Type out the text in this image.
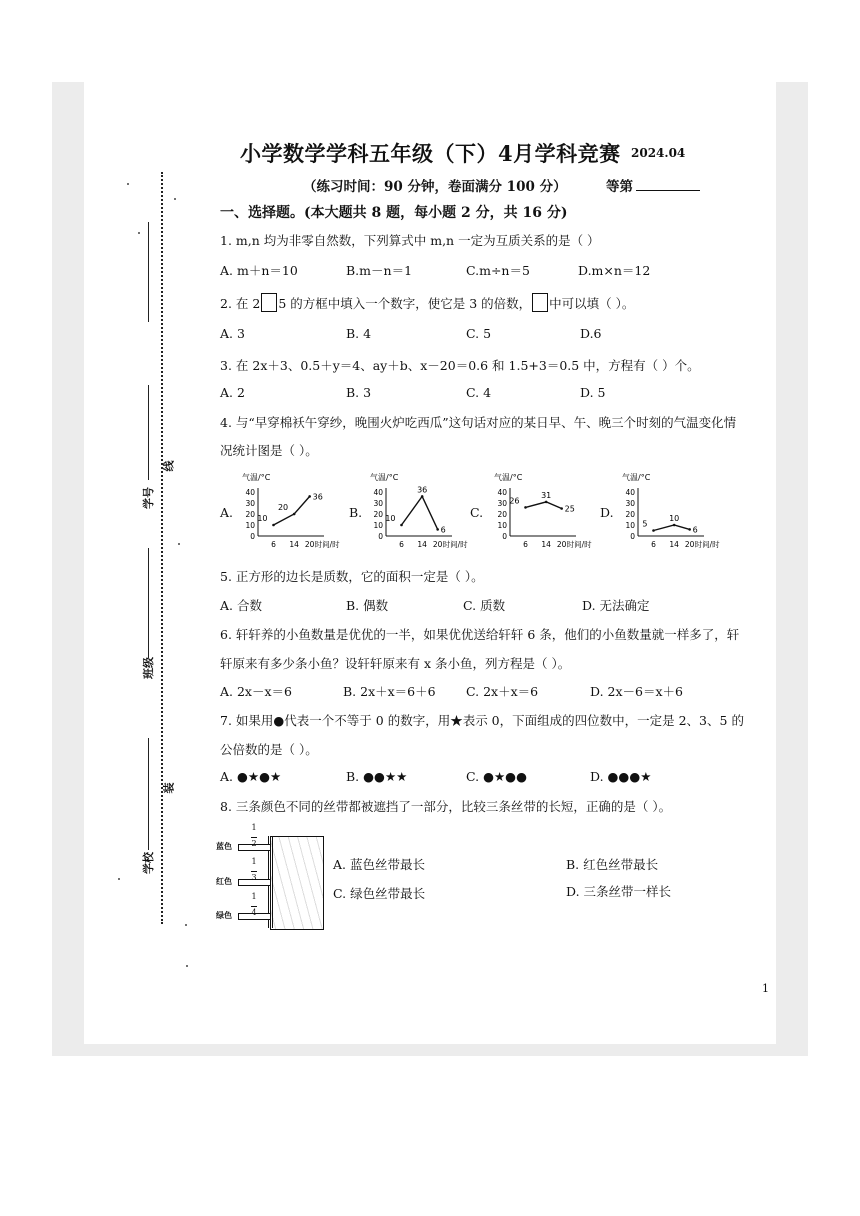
学号
班级
学校
线
装
小学数学学科五年级（下）4月学科竞赛 2024.04
（练习时间：90 分钟，卷面满分 100 分）	等第
一、选择题。(本大题共 8 题，每小题 2 分，共 16 分)
1. m,n 均为非零自然数，下列算式中 m,n 一定为互质关系的是（ ）
A. m＋n＝10	B.m－n＝1	C.m÷n＝5	D.m×n＝12
2. 在 2 5 的方框中填入一个数字，使它是 3 的倍数， 中可以填（ ）。
A. 3	B. 4	C. 5	D.6
3. 在 2x＋3、0.5＋y＝4、ay＋b、x－20＝0.6 和 1.5+3＝0.5 中，方程有（ ）个。
A. 2	B. 3	C. 4	D. 5
4. 与“早穿棉袄午穿纱，晚围火炉吃西瓜”这句话对应的某日早、午、晚三个时刻的气温变化情
况统计图是（ ）。
A.	B.	C.	D.
气温/°C
0
10
20
30
40
6 14 20 时间/时
10
20
36
气温/°C
0
10
20
30
40
6 14 20 时间/时
10
36
6
气温/°C
0
10
20
30
40
6 14 20 时间/时
26
31
25
气温/°C
0
10
20
30
40
6 14 20 时间/时
5
10
6
5. 正方形的边长是质数，它的面积一定是（ ）。
A. 合数	B. 偶数	C. 质数	D. 无法确定
6. 轩轩养的小鱼数量是优优的一半，如果优优送给轩轩 6 条，他们的小鱼数量就一样多了，轩
轩原来有多少条小鱼？设轩轩原来有 x 条小鱼，列方程是（ ）。
A. 2x－x＝6	B. 2x＋x＝6＋6 C. 2x＋x＝6	D. 2x－6＝x＋6
7. 如果用●代表一个不等于 0 的数字，用★表示 0，下面组成的四位数中，一定是 2、3、5 的
公倍数的是（ ）。
A. ●★●★	B. ●●★★	C. ●★●●	D. ●●●★
8. 三条颜色不同的丝带都被遮挡了一部分，比较三条丝带的长短，正确的是（ ）。
蓝色
红色
绿色
1

2
1

3
1

4
A. 蓝色丝带最长	B. 红色丝带最长
C. 绿色丝带最长	D. 三条丝带一样长
1
